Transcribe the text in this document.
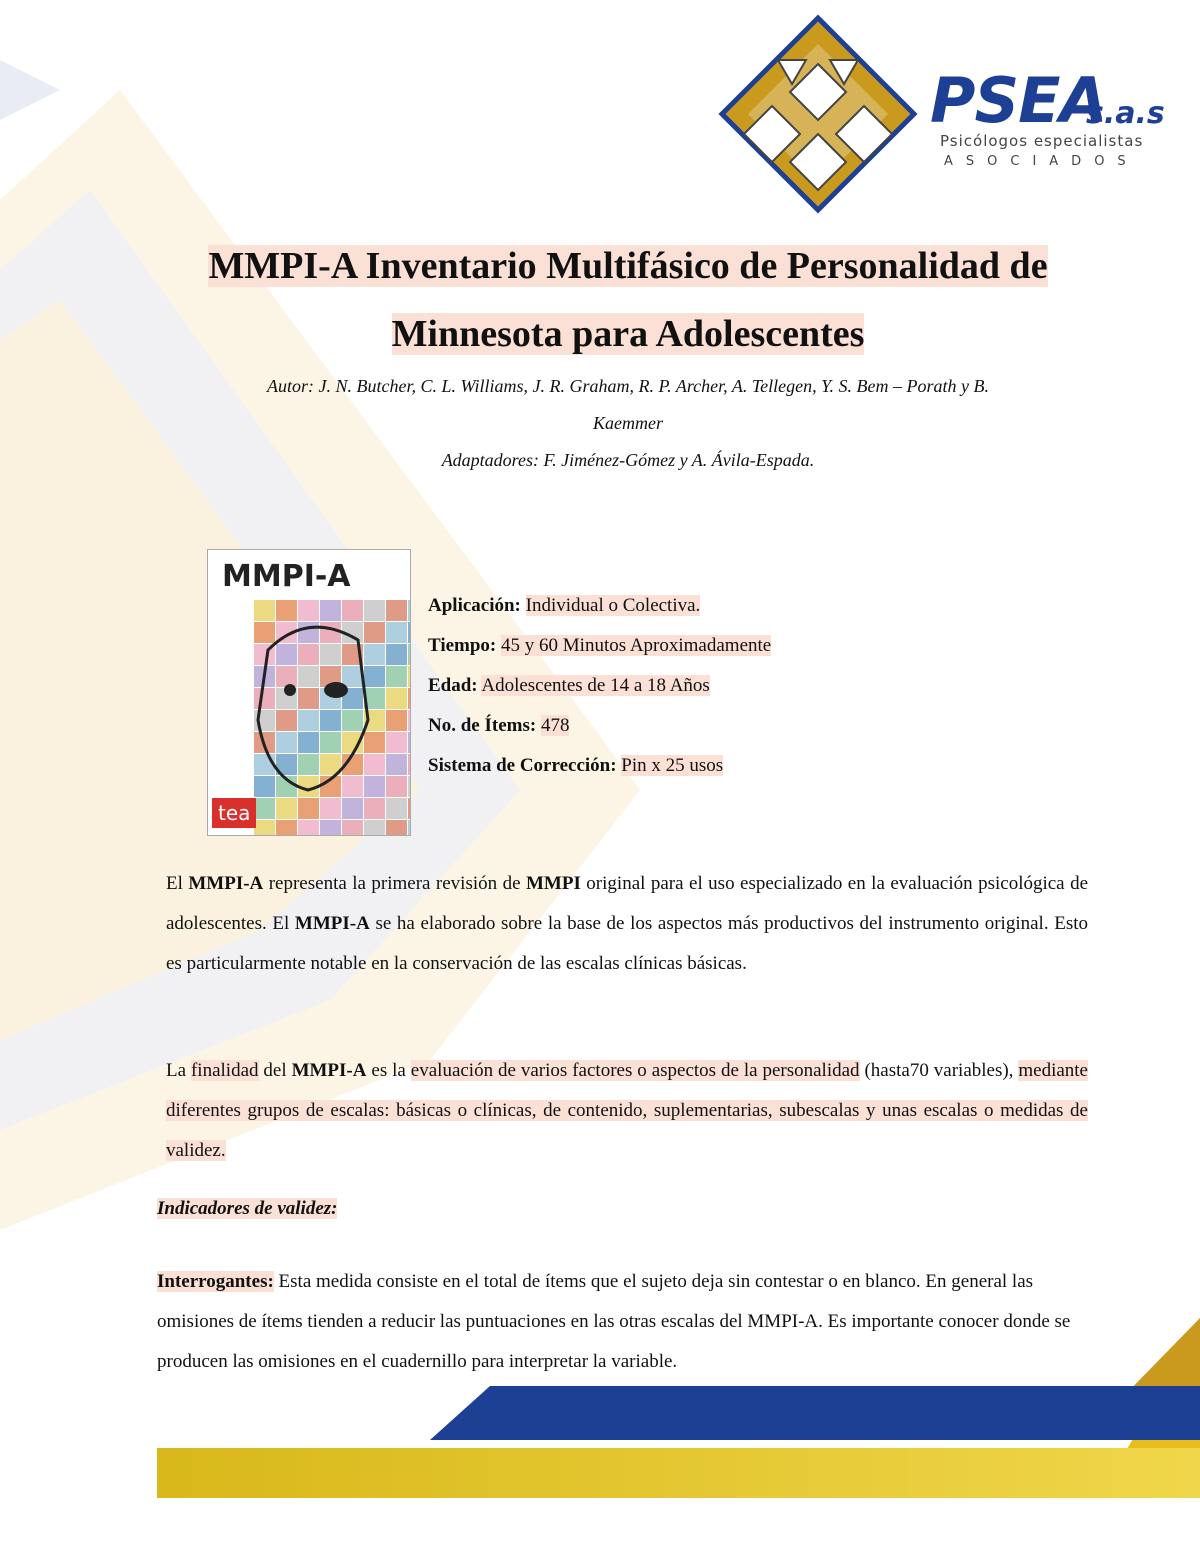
PSEA
s.a.s
Psicólogos especialistas
ASOCIADOS
MMPI-A Inventario Multifásico de Personalidad de
Minnesota para Adolescentes
Autor: J. N. Butcher, C. L. Williams, J. R. Graham, R. P. Archer, A. Tellegen, Y. S. Bem – Porath y B.
Kaemmer
Adaptadores: F. Jiménez-Gómez y A. Ávila-Espada.
MMPI-A
tea
Aplicación: Individual o Colectiva.
Tiempo: 45 y 60 Minutos Aproximadamente
Edad: Adolescentes de 14 a 18 Años
No. de Ítems: 478
Sistema de Corrección: Pin x 25 usos
El MMPI-A representa la primera revisión de MMPI original para el uso especializado en la evaluación psicológica de adolescentes. El MMPI-A se ha elaborado sobre la base de los aspectos más productivos del instrumento original. Esto es particularmente notable en la conservación de las escalas clínicas básicas.
La finalidad del MMPI-A es la evaluación de varios factores o aspectos de la personalidad (hasta70 variables), mediante diferentes grupos de escalas: básicas o clínicas, de contenido, suplementarias, subescalas y unas escalas o medidas de validez.
Indicadores de validez:
Interrogantes: Esta medida consiste en el total de ítems que el sujeto deja sin contestar o en blanco. En general las omisiones de ítems tienden a reducir las puntuaciones en las otras escalas del MMPI-A. Es importante conocer donde se producen las omisiones en el cuadernillo para interpretar la variable.
